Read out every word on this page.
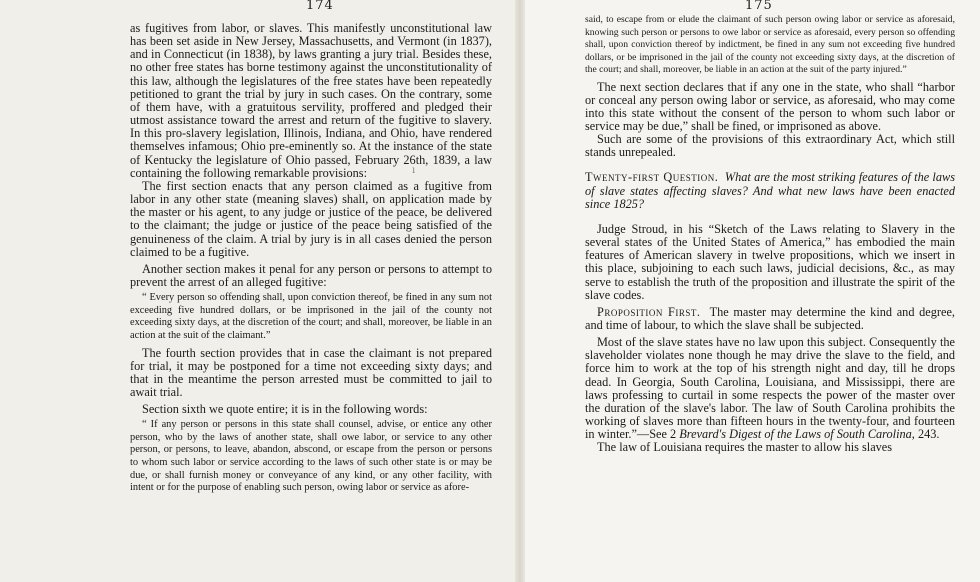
174

as fugitives from labor, or slaves. This manifestly unconstitutional law has been set aside in New Jersey, Massachusetts, and Vermont (in 1837), and in Connecticut (in 1838), by laws granting a jury trial. Besides these, no other free states has borne testimony against the unconstitutionality of this law, although the legislatures of the free states have been repeatedly petitioned to grant the trial by jury in such cases. On the contrary, some of them have, with a gratuitous servility, proffered and pledged their utmost assistance toward the arrest and return of the fugitive to slavery. In this pro-slavery legislation, Illinois, Indiana, and Ohio, have rendered themselves infamous; Ohio pre-eminently so. At the instance of the state of Kentucky the legislature of Ohio passed, February 26th, 1839, a law containing the following remarkable provisions:

The first section enacts that any person claimed as a fugitive from labor in any other state (meaning slaves) shall, on application made by the master or his agent, to any judge or justice of the peace, be delivered to the claimant; the judge or justice of the peace being satisfied of the genuineness of the claim. A trial by jury is in all cases denied the person claimed to be a fugitive.

Another section makes it penal for any person or persons to attempt to prevent the arrest of an alleged fugitive:

“ Every person so offending shall, upon conviction thereof, be fined in any sum not exceeding five hundred dollars, or be imprisoned in the jail of the county not exceeding sixty days, at the discretion of the court; and shall, moreover, be liable in an action at the suit of the claimant.”

The fourth section provides that in case the claimant is not prepared for trial, it may be postponed for a time not exceeding sixty days; and that in the meantime the person arrested must be committed to jail to await trial.

Section sixth we quote entire; it is in the following words:

“ If any person or persons in this state shall counsel, advise, or entice any other person, who by the laws of another state, shall owe labor, or service to any other person, or persons, to leave, abandon, abscond, or escape from the person or persons to whom such labor or service according to the laws of such other state is or may be due, or shall furnish money or conveyance of any kind, or any other facility, with intent or for the purpose of enabling such person, owing labor or service as afore-

ı
175

said, to escape from or elude the claimant of such person owing labor or service as aforesaid, knowing such person or persons to owe labor or service as aforesaid, every person so offending shall, upon conviction thereof by indictment, be fined in any sum not exceeding five hundred dollars, or be imprisoned in the jail of the county not exceeding sixty days, at the discretion of the court; and shall, moreover, be liable in an action at the suit of the party injured.”

The next section declares that if any one in the state, who shall “harbor or conceal any person owing labor or service, as aforesaid, who may come into this state without the consent of the person to whom such labor or service may be due,” shall be fined, or imprisoned as above.

Such are some of the provisions of this extraordinary Act, which still stands unrepealed.

Twenty-first Question. What are the most striking features of the laws of slave states affecting slaves? And what new laws have been enacted since 1825?

Judge Stroud, in his “Sketch of the Laws relating to Slavery in the several states of the United States of America,” has embodied the main features of American slavery in twelve propositions, which we insert in this place, subjoining to each such laws, judicial decisions, &c., as may serve to establish the truth of the proposition and illustrate the spirit of the slave codes.

Proposition First. The master may determine the kind and degree, and time of labour, to which the slave shall be subjected.

Most of the slave states have no law upon this subject. Consequently the slaveholder violates none though he may drive the slave to the field, and force him to work at the top of his strength night and day, till he drops dead. In Georgia, South Carolina, Louisiana, and Mississippi, there are laws professing to curtail in some respects the power of the master over the duration of the slave's labor. The law of South Carolina prohibits the working of slaves more than fifteen hours in the twenty-four, and fourteen in winter.”—See 2 Brevard's Digest of the Laws of South Carolina, 243.

The law of Louisiana requires the master to allow his slaves
